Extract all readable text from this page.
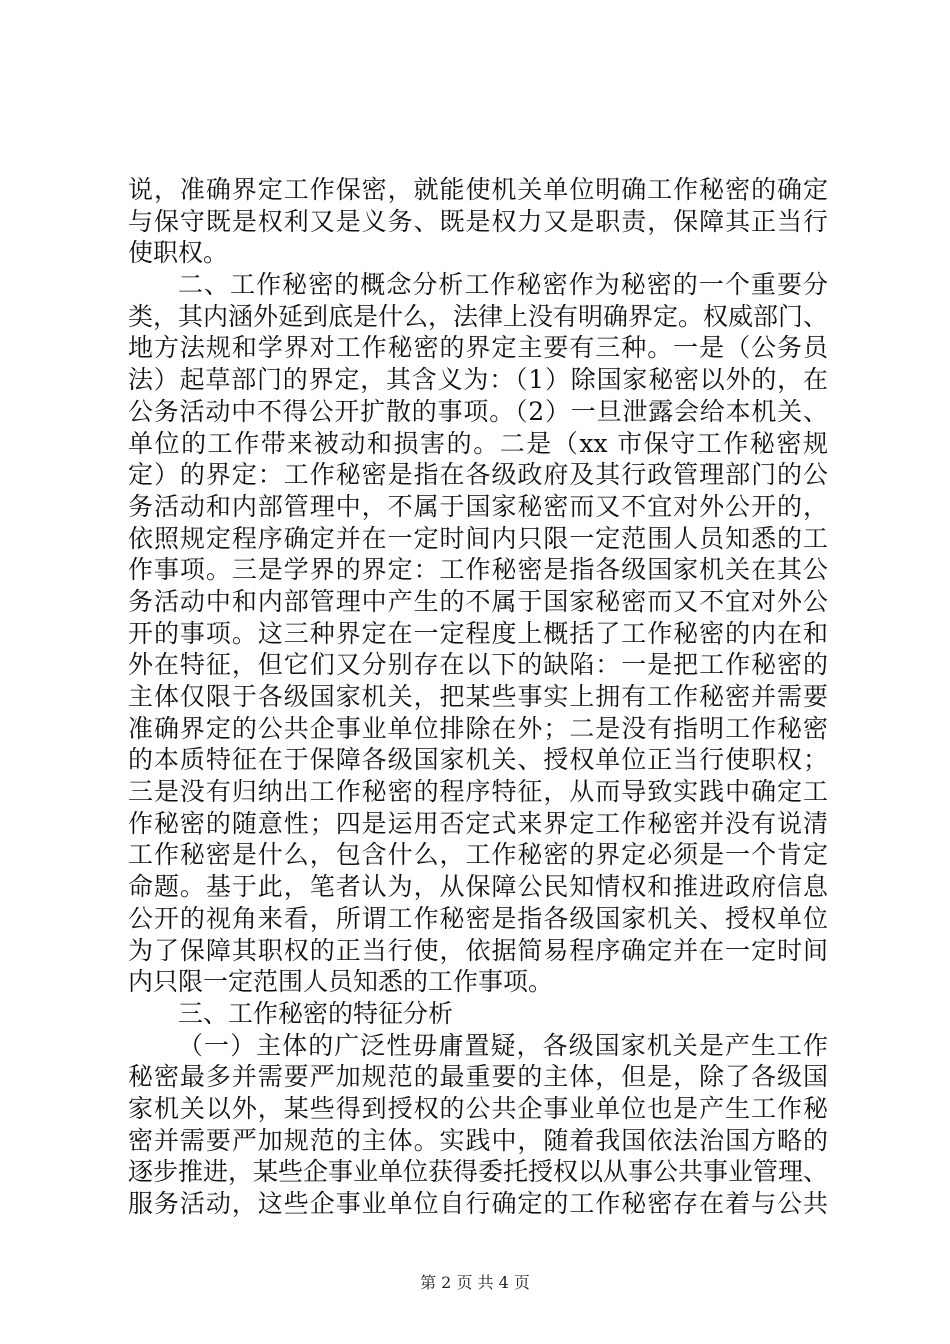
说，准确界定工作保密，就能使机关单位明确工作秘密的确定
与保守既是权利又是义务、既是权力又是职责，保障其正当行
使职权。
二、工作秘密的概念分析工作秘密作为秘密的一个重要分
类，其内涵外延到底是什么，法律上没有明确界定。权威部门、
地方法规和学界对工作秘密的界定主要有三种。一是（公务员
法）起草部门的界定，其含义为：（1）除国家秘密以外的，在
公务活动中不得公开扩散的事项。（2）一旦泄露会给本机关、
单位的工作带来被动和损害的。二是（xx 市保守工作秘密规
定）的界定：工作秘密是指在各级政府及其行政管理部门的公
务活动和内部管理中，不属于国家秘密而又不宜对外公开的，
依照规定程序确定并在一定时间内只限一定范围人员知悉的工
作事项。三是学界的界定：工作秘密是指各级国家机关在其公
务活动中和内部管理中产生的不属于国家秘密而又不宜对外公
开的事项。这三种界定在一定程度上概括了工作秘密的内在和
外在特征，但它们又分别存在以下的缺陷：一是把工作秘密的
主体仅限于各级国家机关，把某些事实上拥有工作秘密并需要
准确界定的公共企事业单位排除在外；二是没有指明工作秘密
的本质特征在于保障各级国家机关、授权单位正当行使职权；
三是没有归纳出工作秘密的程序特征，从而导致实践中确定工
作秘密的随意性；四是运用否定式来界定工作秘密并没有说清
工作秘密是什么，包含什么，工作秘密的界定必须是一个肯定
命题。基于此，笔者认为，从保障公民知情权和推进政府信息
公开的视角来看，所谓工作秘密是指各级国家机关、授权单位
为了保障其职权的正当行使，依据简易程序确定并在一定时间
内只限一定范围人员知悉的工作事项。
三、工作秘密的特征分析
（一）主体的广泛性毋庸置疑，各级国家机关是产生工作
秘密最多并需要严加规范的最重要的主体，但是，除了各级国
家机关以外，某些得到授权的公共企事业单位也是产生工作秘
密并需要严加规范的主体。实践中，随着我国依法治国方略的
逐步推进，某些企事业单位获得委托授权以从事公共事业管理、
服务活动，这些企事业单位自行确定的工作秘密存在着与公共
第 2 页 共 4 页
